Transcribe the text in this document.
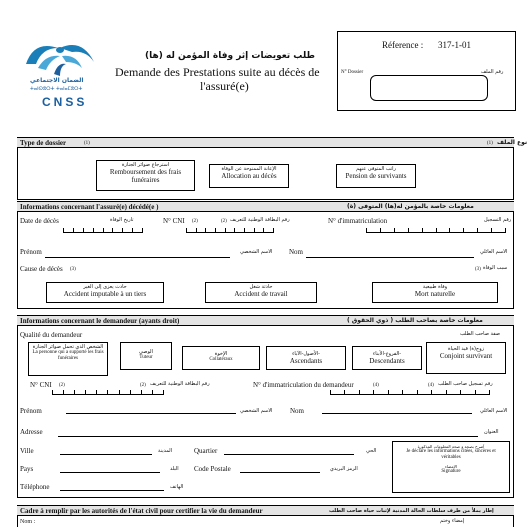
الضمان الاجتماعي
ⵜⴰⵏⵙⵓⵔⵜ ⵜⴰⵏⴰⵎⵓⵔⵜ
CNSS
طلب تعويضات إثر وفاة المؤمن له (ها)
Demande des Prestations suite au décès de
l'assuré(e)
Réference : 317-1-01
N° Dossier	رقم الملف
Type de dossier	(1)	نوع الملف
(1)
استرجاع صوائر الجنازة
Remboursement des frais funéraires
الإعانة الممنوحة عن الوفاة
Allocation au décès
راتب المتوفى عنهم
Pension de survivants
Informations concernant l'assuré(e) décédé(e )	معلومات خاصة بالمؤمن له(ها) المتوفى (ة)
Date de décès	تاريخ الوفاة	N° CNI (2)	رقم البطاقة الوطنية للتعريف
(2)	N° d'immatriculation	رقم التسجيل
Prénom	الاسم الشخصي Nom	الاسم العائلي
Cause de décès (3)	سبب الوفاة
(3)
حادث يعزى إلى الغير
Accident imputable à un tiers
حادثة شغل
Accident de travail
وفاة طبيعية
Mort naturelle
Informations concernant le demandeur (ayants droit)	معلومات خاصة بصاحب الطلب ( ذوي الحقوق )
Qualité du demandeur	صفة صاحب الطلب
الشخص الذي تحمل صوائر الجنازة
La personne qui a supporté les frais funéraires
الوصي
Tuteur
الإخوة
Collatéraux
الأصول-الآباء-
Ascendants
الفروع-الأبناء-
Descendants
زوج(ة) قيد الحياة
Conjoint survivant
N° CNI (2)	رقم البطاقة الوطنية للتعريف
(2)	N° d'immatriculation du demandeur	(4)	رقم تسجيل صاحب الطلب
(4)
Prénom	الاسم الشخصي	Nom	الاسم العائلي
Adresse	العنوان
Ville	المدينة	Quartier	الحي
Pays	البلد Code Postale	الرمز البريدي
Téléphone	الهاتف
أصرح بصحة و صحة المعلومات المذكورة
Je déclare les informations citées, sincères et véritables
الإمضاء
Signature
Cadre à remplir par les autorités de l'état civil pour certifier la vie du demandeur	إطار يملأ من طرف سلطات الحالة المدنية لإثبات حياة صاحب الطلب
Nom :	إمضاء وختم
